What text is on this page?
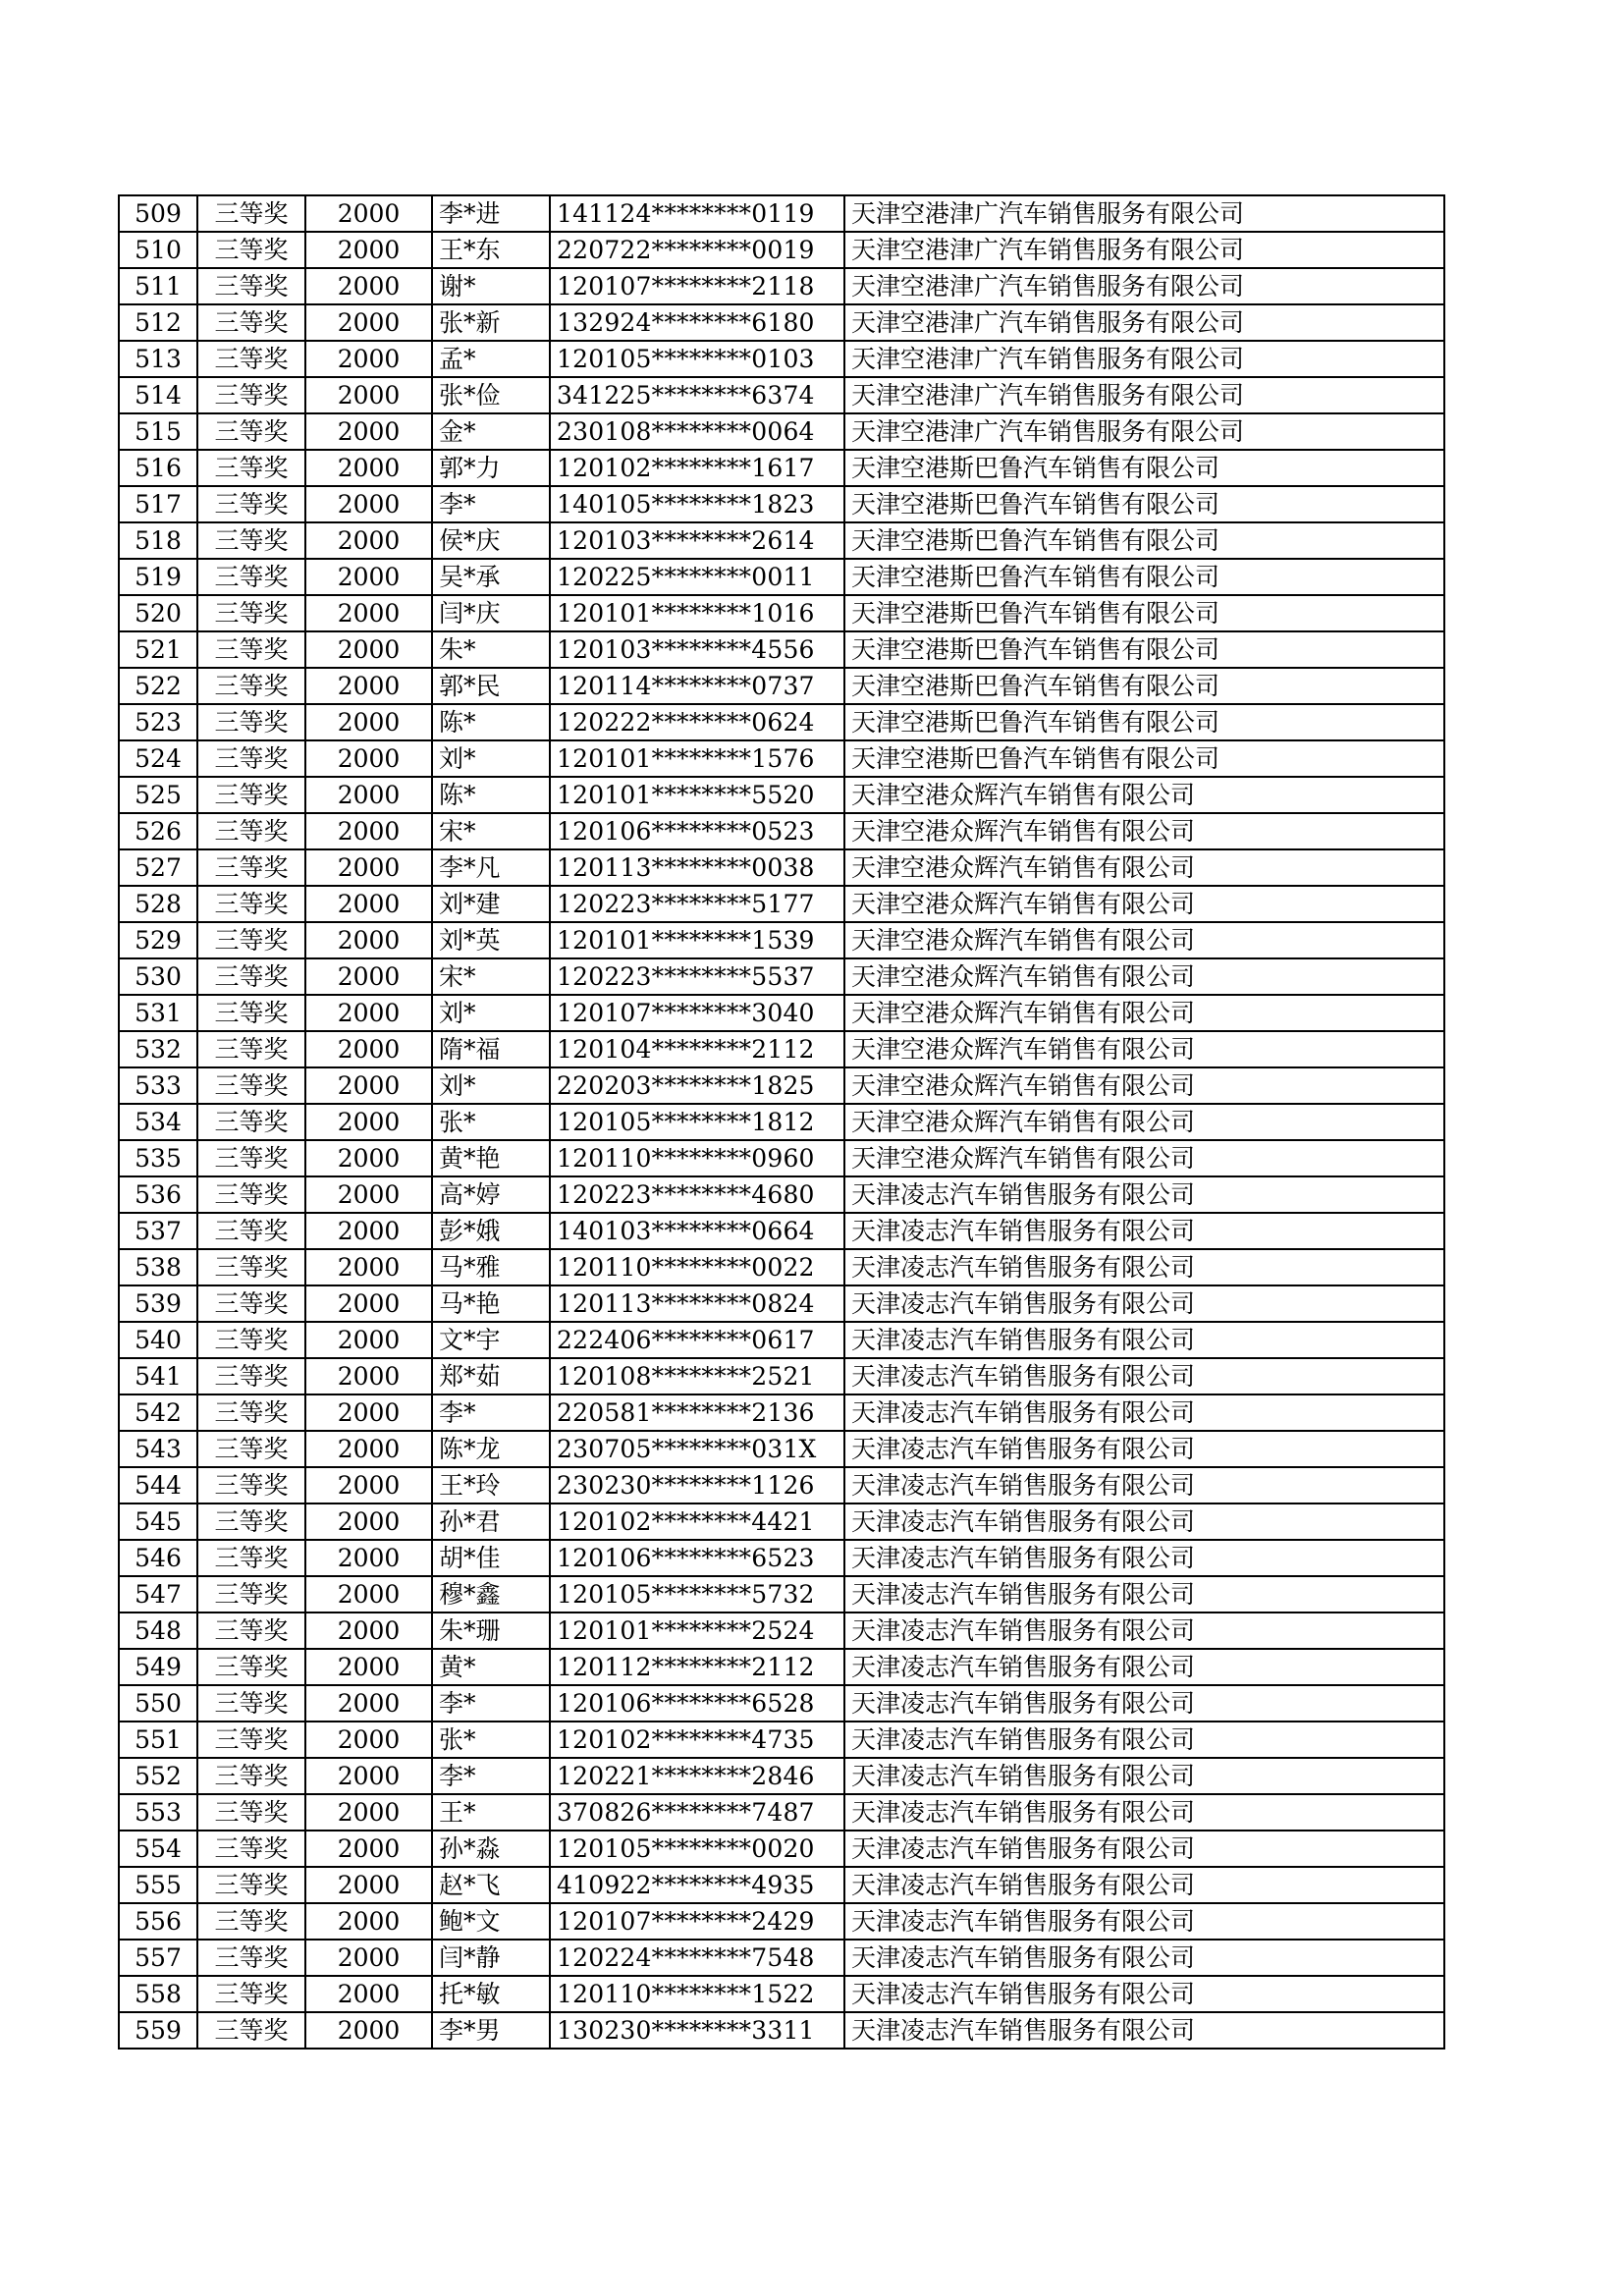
509	三等奖	2000	李*进	141124********0119	天津空港津广汽车销售服务有限公司
510	三等奖	2000	王*东	220722********0019	天津空港津广汽车销售服务有限公司
511	三等奖	2000	谢*	120107********2118	天津空港津广汽车销售服务有限公司
512	三等奖	2000	张*新	132924********6180	天津空港津广汽车销售服务有限公司
513	三等奖	2000	孟*	120105********0103	天津空港津广汽车销售服务有限公司
514	三等奖	2000	张*俭	341225********6374	天津空港津广汽车销售服务有限公司
515	三等奖	2000	金*	230108********0064	天津空港津广汽车销售服务有限公司
516	三等奖	2000	郭*力	120102********1617	天津空港斯巴鲁汽车销售有限公司
517	三等奖	2000	李*	140105********1823	天津空港斯巴鲁汽车销售有限公司
518	三等奖	2000	侯*庆	120103********2614	天津空港斯巴鲁汽车销售有限公司
519	三等奖	2000	吴*承	120225********0011	天津空港斯巴鲁汽车销售有限公司
520	三等奖	2000	闫*庆	120101********1016	天津空港斯巴鲁汽车销售有限公司
521	三等奖	2000	朱*	120103********4556	天津空港斯巴鲁汽车销售有限公司
522	三等奖	2000	郭*民	120114********0737	天津空港斯巴鲁汽车销售有限公司
523	三等奖	2000	陈*	120222********0624	天津空港斯巴鲁汽车销售有限公司
524	三等奖	2000	刘*	120101********1576	天津空港斯巴鲁汽车销售有限公司
525	三等奖	2000	陈*	120101********5520	天津空港众辉汽车销售有限公司
526	三等奖	2000	宋*	120106********0523	天津空港众辉汽车销售有限公司
527	三等奖	2000	李*凡	120113********0038	天津空港众辉汽车销售有限公司
528	三等奖	2000	刘*建	120223********5177	天津空港众辉汽车销售有限公司
529	三等奖	2000	刘*英	120101********1539	天津空港众辉汽车销售有限公司
530	三等奖	2000	宋*	120223********5537	天津空港众辉汽车销售有限公司
531	三等奖	2000	刘*	120107********3040	天津空港众辉汽车销售有限公司
532	三等奖	2000	隋*福	120104********2112	天津空港众辉汽车销售有限公司
533	三等奖	2000	刘*	220203********1825	天津空港众辉汽车销售有限公司
534	三等奖	2000	张*	120105********1812	天津空港众辉汽车销售有限公司
535	三等奖	2000	黄*艳	120110********0960	天津空港众辉汽车销售有限公司
536	三等奖	2000	高*婷	120223********4680	天津凌志汽车销售服务有限公司
537	三等奖	2000	彭*娥	140103********0664	天津凌志汽车销售服务有限公司
538	三等奖	2000	马*雅	120110********0022	天津凌志汽车销售服务有限公司
539	三等奖	2000	马*艳	120113********0824	天津凌志汽车销售服务有限公司
540	三等奖	2000	文*宇	222406********0617	天津凌志汽车销售服务有限公司
541	三等奖	2000	郑*茹	120108********2521	天津凌志汽车销售服务有限公司
542	三等奖	2000	李*	220581********2136	天津凌志汽车销售服务有限公司
543	三等奖	2000	陈*龙	230705********031X	天津凌志汽车销售服务有限公司
544	三等奖	2000	王*玲	230230********1126	天津凌志汽车销售服务有限公司
545	三等奖	2000	孙*君	120102********4421	天津凌志汽车销售服务有限公司
546	三等奖	2000	胡*佳	120106********6523	天津凌志汽车销售服务有限公司
547	三等奖	2000	穆*鑫	120105********5732	天津凌志汽车销售服务有限公司
548	三等奖	2000	朱*珊	120101********2524	天津凌志汽车销售服务有限公司
549	三等奖	2000	黄*	120112********2112	天津凌志汽车销售服务有限公司
550	三等奖	2000	李*	120106********6528	天津凌志汽车销售服务有限公司
551	三等奖	2000	张*	120102********4735	天津凌志汽车销售服务有限公司
552	三等奖	2000	李*	120221********2846	天津凌志汽车销售服务有限公司
553	三等奖	2000	王*	370826********7487	天津凌志汽车销售服务有限公司
554	三等奖	2000	孙*淼	120105********0020	天津凌志汽车销售服务有限公司
555	三等奖	2000	赵*飞	410922********4935	天津凌志汽车销售服务有限公司
556	三等奖	2000	鲍*文	120107********2429	天津凌志汽车销售服务有限公司
557	三等奖	2000	闫*静	120224********7548	天津凌志汽车销售服务有限公司
558	三等奖	2000	托*敏	120110********1522	天津凌志汽车销售服务有限公司
559	三等奖	2000	李*男	130230********3311	天津凌志汽车销售服务有限公司
